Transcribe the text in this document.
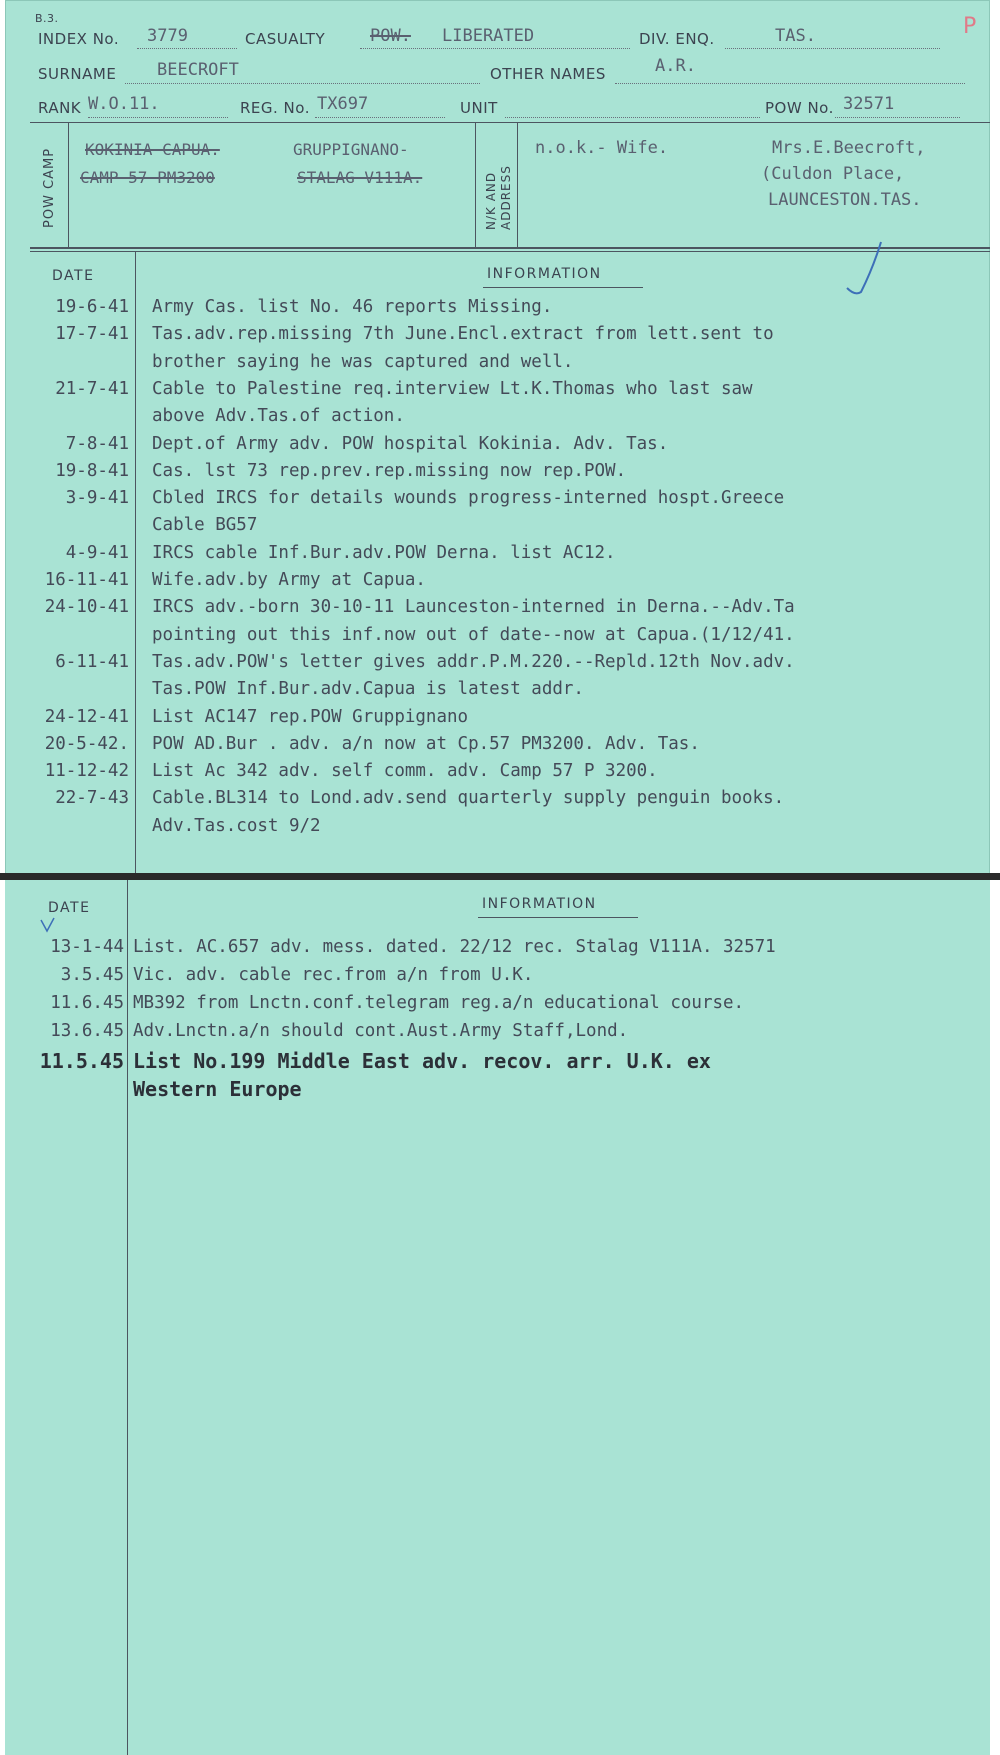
B.3.
INDEX No. 3779	CASUALTY	POW. LIBERATED	DIV. ENQ.	TAS.	P
SURNAME BEECROFT	OTHER NAMES	A.R.
RANK W.O.11.	REG. No. TX697	UNIT	POW No. 32571
POW CAMP	N/K AND ADDRESS
KOKINIA-CAPUA.	GRUPPIGNANO-
CAMP 57 PM3200	STALAG V111A.
n.o.k.- Wife.	Mrs.E.Beecroft,
(Culdon Place,
LAUNCESTON.TAS.
DATE	INFORMATION
19-6-41 Army Cas. list No. 46 reports Missing.
17-7-41 Tas.adv.rep.missing 7th June.Encl.extract from lett.sent to
brother saying he was captured and well.
21-7-41 Cable to Palestine req.interview Lt.K.Thomas who last saw
above Adv.Tas.of action.
7-8-41 Dept.of Army adv. POW hospital Kokinia. Adv. Tas.
19-8-41 Cas. lst 73 rep.prev.rep.missing now rep.POW.
3-9-41 Cbled IRCS for details wounds progress-interned hospt.Greece
Cable BG57
4-9-41 IRCS cable Inf.Bur.adv.POW Derna. list AC12.
16-11-41 Wife.adv.by Army at Capua.
24-10-41 IRCS adv.-born 30-10-11 Launceston-interned in Derna.--Adv.Ta
pointing out this inf.now out of date--now at Capua.(1/12/41.
6-11-41 Tas.adv.POW's letter gives addr.P.M.220.--Repld.12th Nov.adv.
Tas.POW Inf.Bur.adv.Capua is latest addr.
24-12-41 List AC147 rep.POW Gruppignano
20-5-42. POW AD.Bur . adv. a/n now at Cp.57 PM3200. Adv. Tas.
11-12-42 List Ac 342 adv. self comm. adv. Camp 57 P 3200.
22-7-43 Cable.BL314 to Lond.adv.send quarterly supply penguin books.
Adv.Tas.cost 9/2
DATE	INFORMATION
13-1-44 List. AC.657 adv. mess. dated. 22/12 rec. Stalag V111A. 32571
3.5.45 Vic. adv. cable rec.from a/n from U.K.
11.6.45 MB392 from Lnctn.conf.telegram reg.a/n educational course.
13.6.45 Adv.Lnctn.a/n should cont.Aust.Army Staff,Lond.
11.5.45 List No.199 Middle East adv. recov. arr. U.K. ex
Western Europe
